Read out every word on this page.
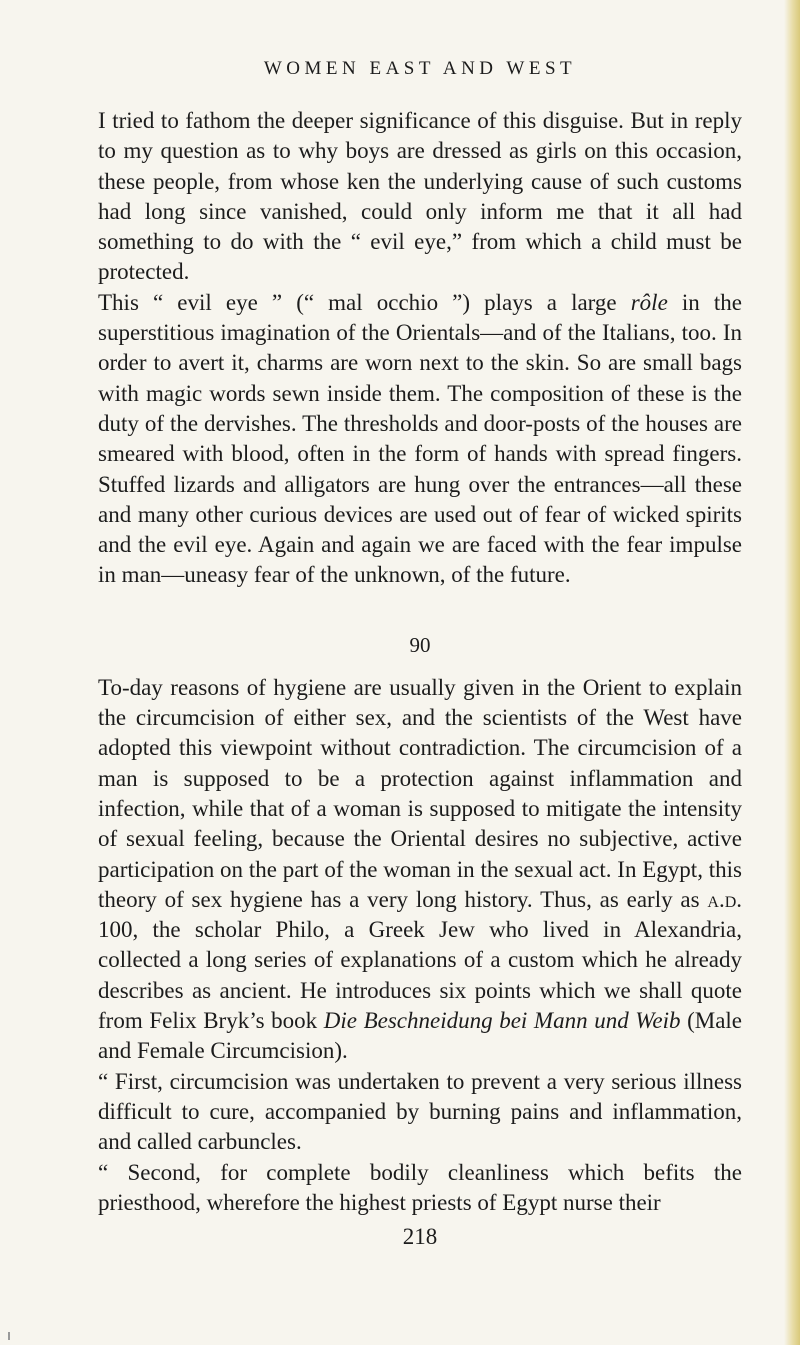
WOMEN EAST AND WEST

I tried to fathom the deeper significance of this disguise. But in reply to my question as to why boys are dressed as girls on this occasion, these people, from whose ken the underlying cause of such customs had long since vanished, could only inform me that it all had something to do with the “ evil eye,” from which a child must be protected.

This “ evil eye ” (“ mal occhio ”) plays a large rôle in the superstitious imagination of the Orientals—and of the Italians, too. In order to avert it, charms are worn next to the skin. So are small bags with magic words sewn inside them. The composition of these is the duty of the dervishes. The thresholds and door-posts of the houses are smeared with blood, often in the form of hands with spread fingers. Stuffed lizards and alligators are hung over the entrances—all these and many other curious devices are used out of fear of wicked spirits and the evil eye. Again and again we are faced with the fear impulse in man—uneasy fear of the unknown, of the future.

90

To-day reasons of hygiene are usually given in the Orient to explain the circumcision of either sex, and the scientists of the West have adopted this viewpoint without contradiction. The circumcision of a man is supposed to be a protection against inflammation and infection, while that of a woman is supposed to mitigate the intensity of sexual feeling, because the Oriental desires no subjective, active participation on the part of the woman in the sexual act. In Egypt, this theory of sex hygiene has a very long history. Thus, as early as a.d. 100, the scholar Philo, a Greek Jew who lived in Alexandria, collected a long series of explanations of a custom which he already describes as ancient. He introduces six points which we shall quote from Felix Bryk’s book Die Beschneidung bei Mann und Weib (Male and Female Circumcision).

“ First, circumcision was undertaken to prevent a very serious illness difficult to cure, accompanied by burning pains and inflammation, and called carbuncles.

“ Second, for complete bodily cleanliness which befits the priesthood, wherefore the highest priests of Egypt nurse their

218
